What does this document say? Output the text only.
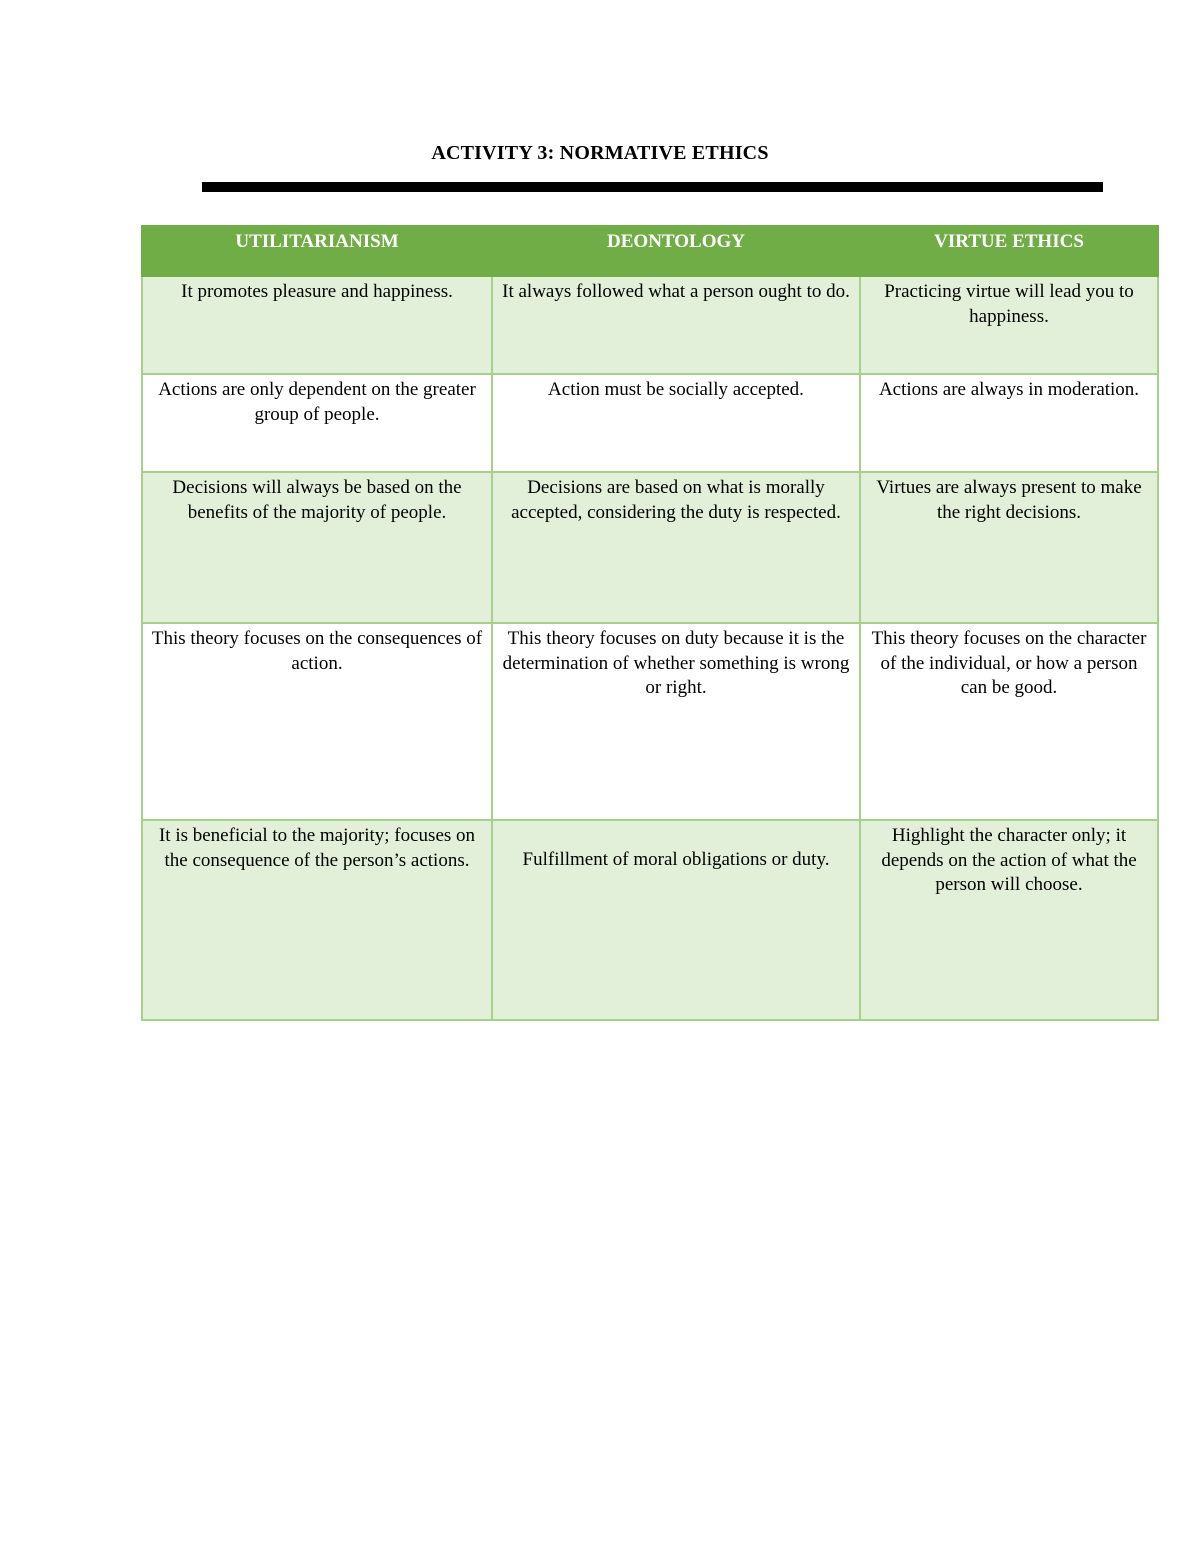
ACTIVITY 3: NORMATIVE ETHICS
UTILITARIANISM	DEONTOLOGY	VIRTUE ETHICS
It promotes pleasure and happiness.	It always followed what a person ought to do.	Practicing virtue will lead you to happiness.
Actions are only dependent on the greater group of people.	Action must be socially accepted.	Actions are always in moderation.
Decisions will always be based on the benefits of the majority of people.	Decisions are based on what is morally accepted, considering the duty is respected.	Virtues are always present to make the right decisions.
This theory focuses on the consequences of action.	This theory focuses on duty because it is the determination of whether something is wrong or right.	This theory focuses on the character of the individual, or how a person can be good.
It is beneficial to the majority; focuses on the consequence of the person’s actions.	Fulfillment of moral obligations or duty.	Highlight the character only; it depends on the action of what the person will choose.
